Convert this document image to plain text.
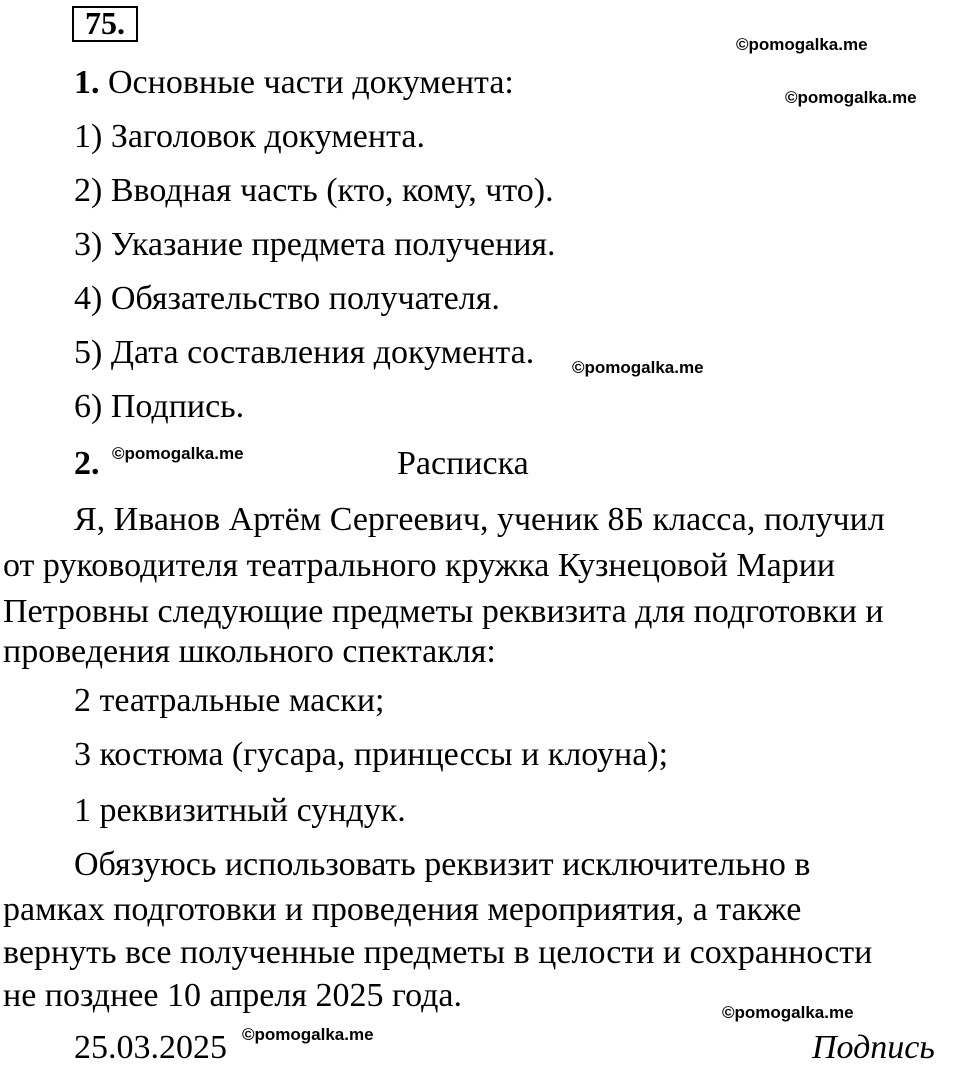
75.
©pomogalka.me
©pomogalka.me
©pomogalka.me
©pomogalka.me
©pomogalka.me
©pomogalka.me
1. Основные части документа:
1) Заголовок документа.
2) Вводная часть (кто, кому, что).
3) Указание предмета получения.
4) Обязательство получателя.
5) Дата составления документа.
6) Подпись.
2.	Расписка
Я, Иванов Артём Сергеевич, ученик 8Б класса, получил
от руководителя театрального кружка Кузнецовой Марии
Петровны следующие предметы реквизита для подготовки и
проведения школьного спектакля:
2 театральные маски;
3 костюма (гусара, принцессы и клоуна);
1 реквизитный сундук.
Обязуюсь использовать реквизит исключительно в
рамках подготовки и проведения мероприятия, а также
вернуть все полученные предметы в целости и сохранности
не позднее 10 апреля 2025 года.
25.03.2025	Подпись
